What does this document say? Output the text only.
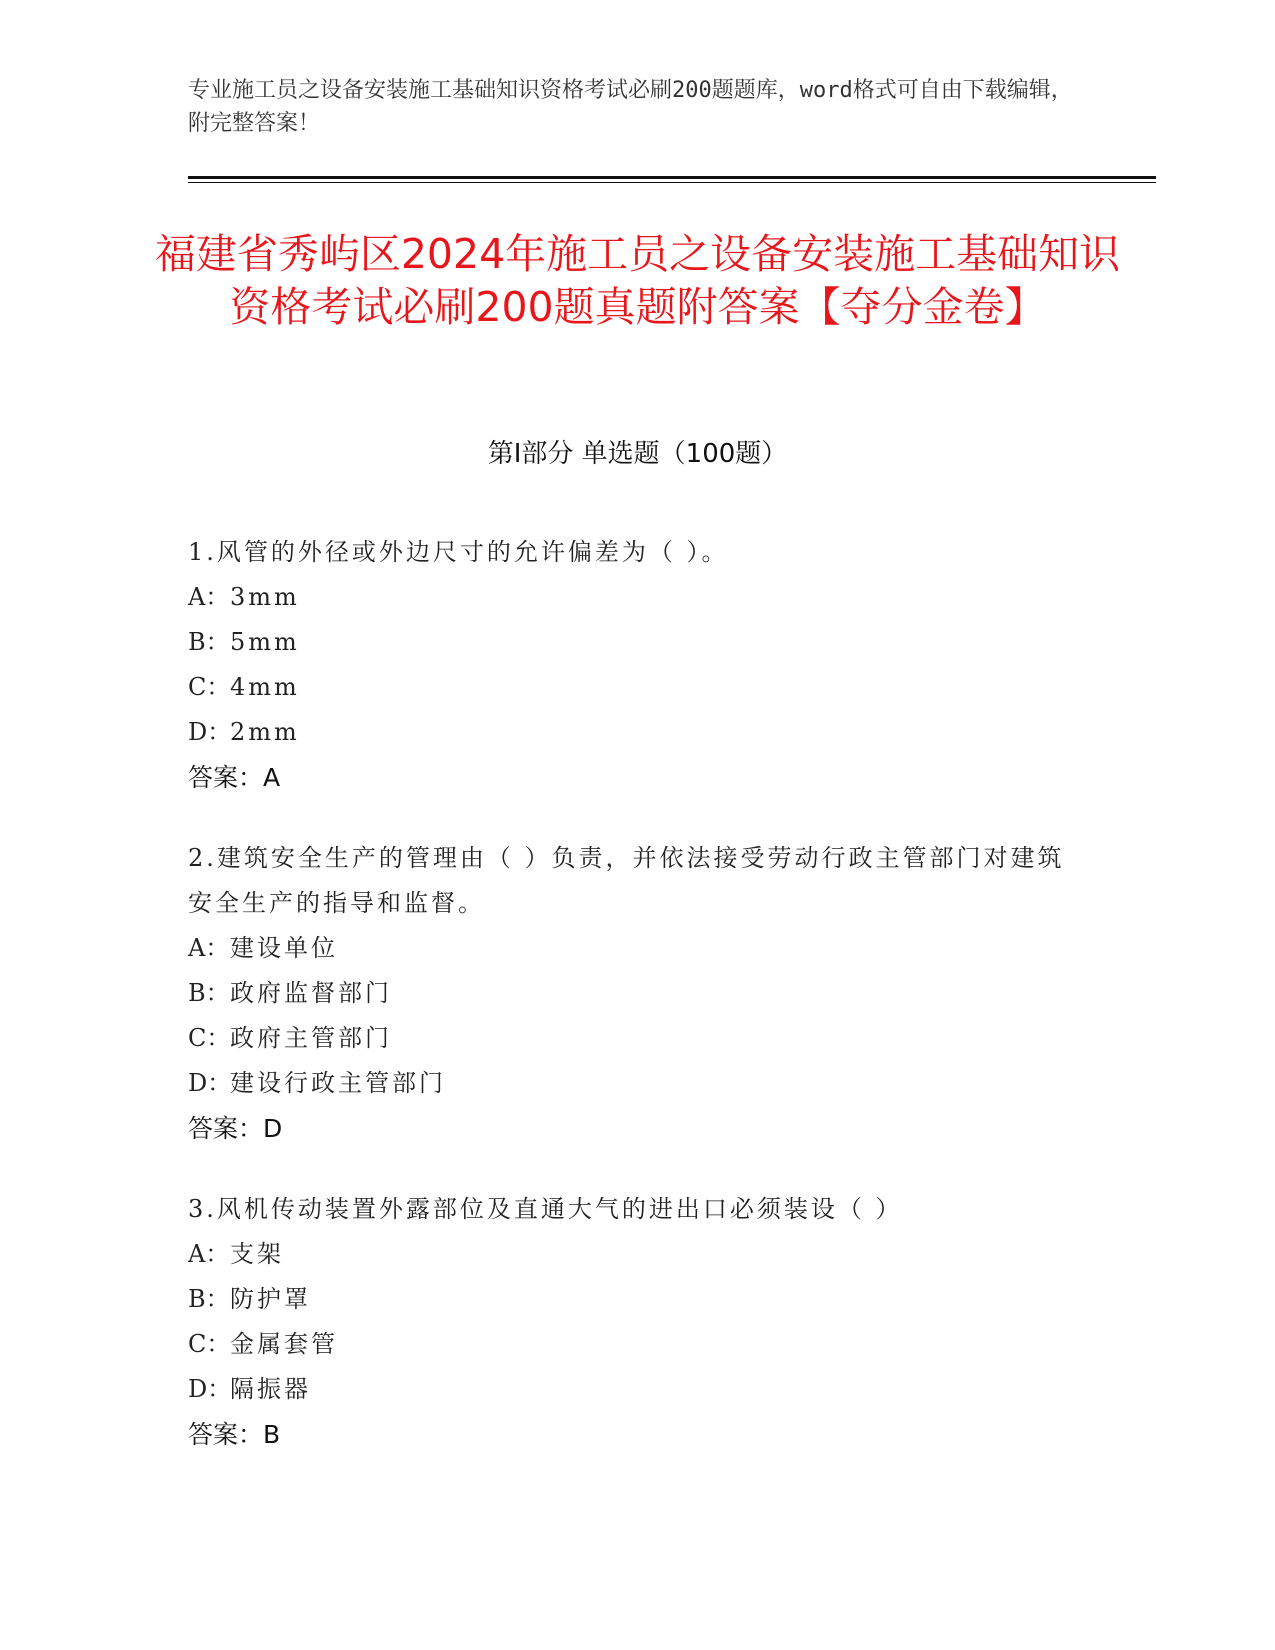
专业施工员之设备安装施工基础知识资格考试必刷200题题库，word格式可自由下载编辑，附完整答案！
福建省秀屿区2024年施工员之设备安装施工基础知识资格考试必刷200题真题附答案【夺分金卷】
第Ⅰ部分 单选题（100题）
1.风管的外径或外边尺寸的允许偏差为（ ）。
A：3mm
B：5mm
C：4mm
D：2mm
答案：A
2.建筑安全生产的管理由（ ）负责，并依法接受劳动行政主管部门对建筑安全生产的指导和监督。
A：建设单位
B：政府监督部门
C：政府主管部门
D：建设行政主管部门
答案：D
3.风机传动装置外露部位及直通大气的进出口必须装设（ ）
A：支架
B：防护罩
C：金属套管
D：隔振器
答案：B
